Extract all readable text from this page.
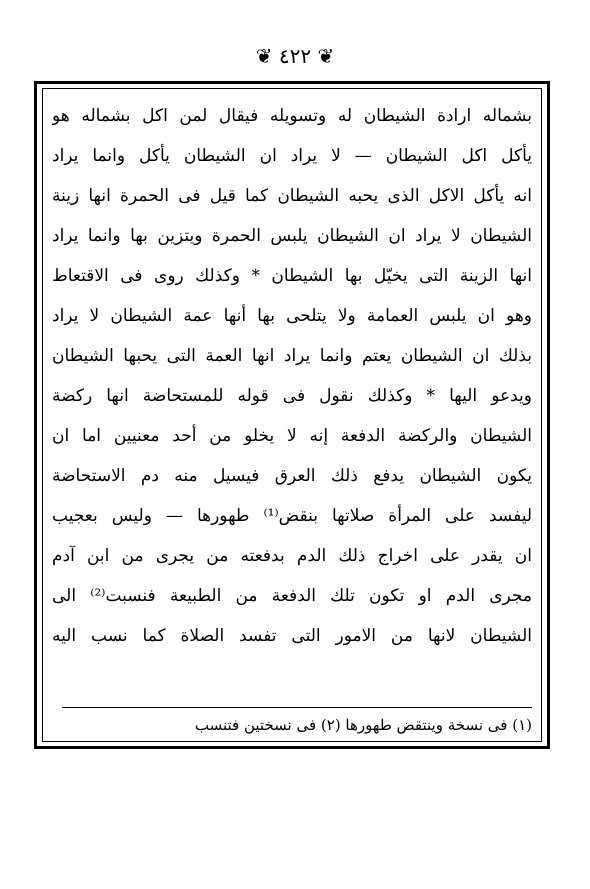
❦ ٤٢٢ ❦
بشماله ارادة الشيطان له وتسويله فيقال لمن اكل بشماله هو
يأكل اكل الشيطان — لا يراد ان الشيطان يأكل وانما يراد
انه يأكل الاكل الذى يحبه الشيطان كما قيل فى الحمرة انها زينة
الشيطان لا يراد ان الشيطان يلبس الحمرة ويتزين بها وانما يراد
انها الزينة التى يخيّل بها الشيطان * وكذلك روى فى الاقتعاط
وهو ان يلبس العمامة ولا يتلحى بها أنها عمة الشيطان لا يراد
بذلك ان الشيطان يعتم وانما يراد انها العمة التى يحبها الشيطان
ويدعو اليها * وكذلك نقول فى قوله للمستحاضة انها ركضة
الشيطان والركضة الدفعة إنه لا يخلو من أحد معنيين اما ان
يكون الشيطان يدفع ذلك العرق فيسيل منه دم الاستحاضة
ليفسد على المرأة صلاتها بنقض⁽¹⁾ طهورها — وليس بعجيب
ان يقدر على اخراج ذلك الدم بدفعته من يجرى من ابن آدم
مجرى الدم او تكون تلك الدفعة من الطبيعة فنسبت⁽²⁾ الى
الشيطان لانها من الامور التى تفسد الصلاة كما نسب اليه
(١) فى نسخة وينتقض طهورها (٢) فى نسختين فتنسب
